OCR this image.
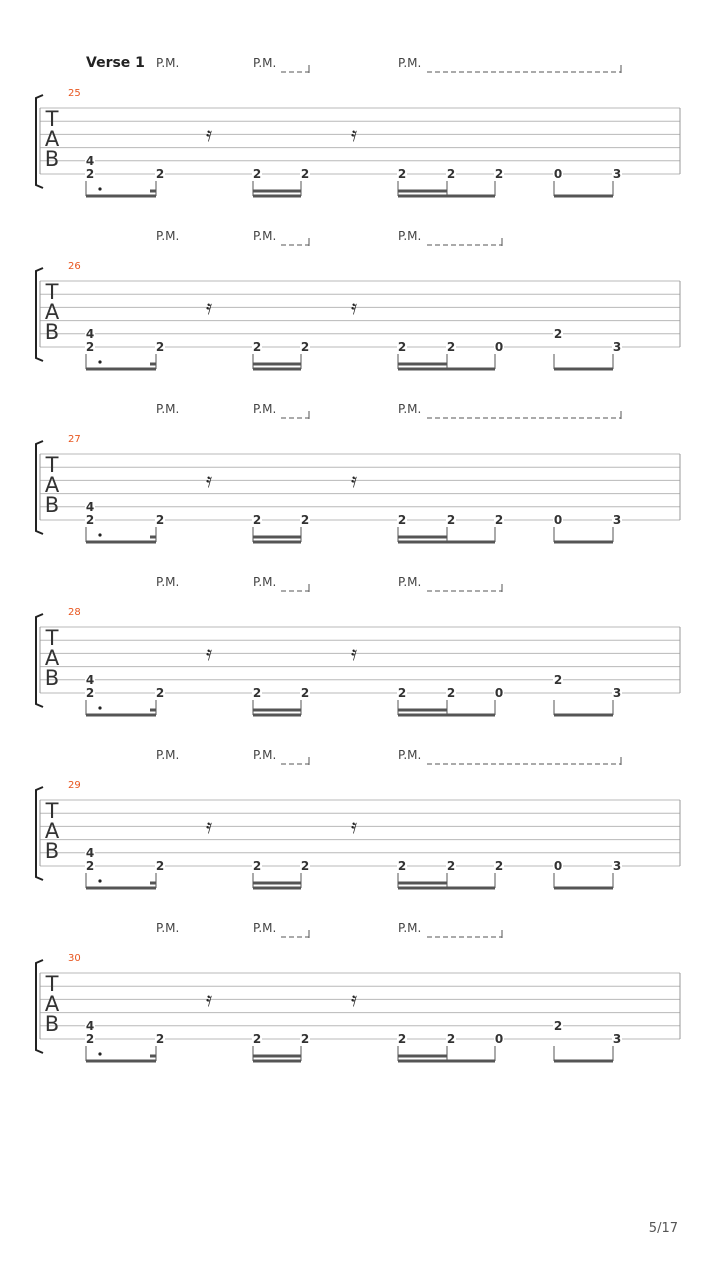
Verse 1 P.M.	P.M.	P.M.
25
T
A
B
𝄿	𝄿
4
2	2	2	2	2	2	2	0	3
P.M.	P.M.	P.M.
26
T
A
B
𝄿	𝄿
4
2	2	2	2	2	2	0
2
3
P.M.	P.M.	P.M.
27
T
A
B
𝄿	𝄿
4
2	2	2	2	2	2	2	0	3
P.M.	P.M.	P.M.
28
T
A
B
𝄿	𝄿
4
2	2	2	2	2	2	0
2
3
P.M.	P.M.	P.M.
29
T
A
B
𝄿	𝄿
4
2	2	2	2	2	2	2	0	3
P.M.	P.M.	P.M.
30
T
A
B
𝄿	𝄿
4
2	2	2	2	2	2	0
2
3
5/17
